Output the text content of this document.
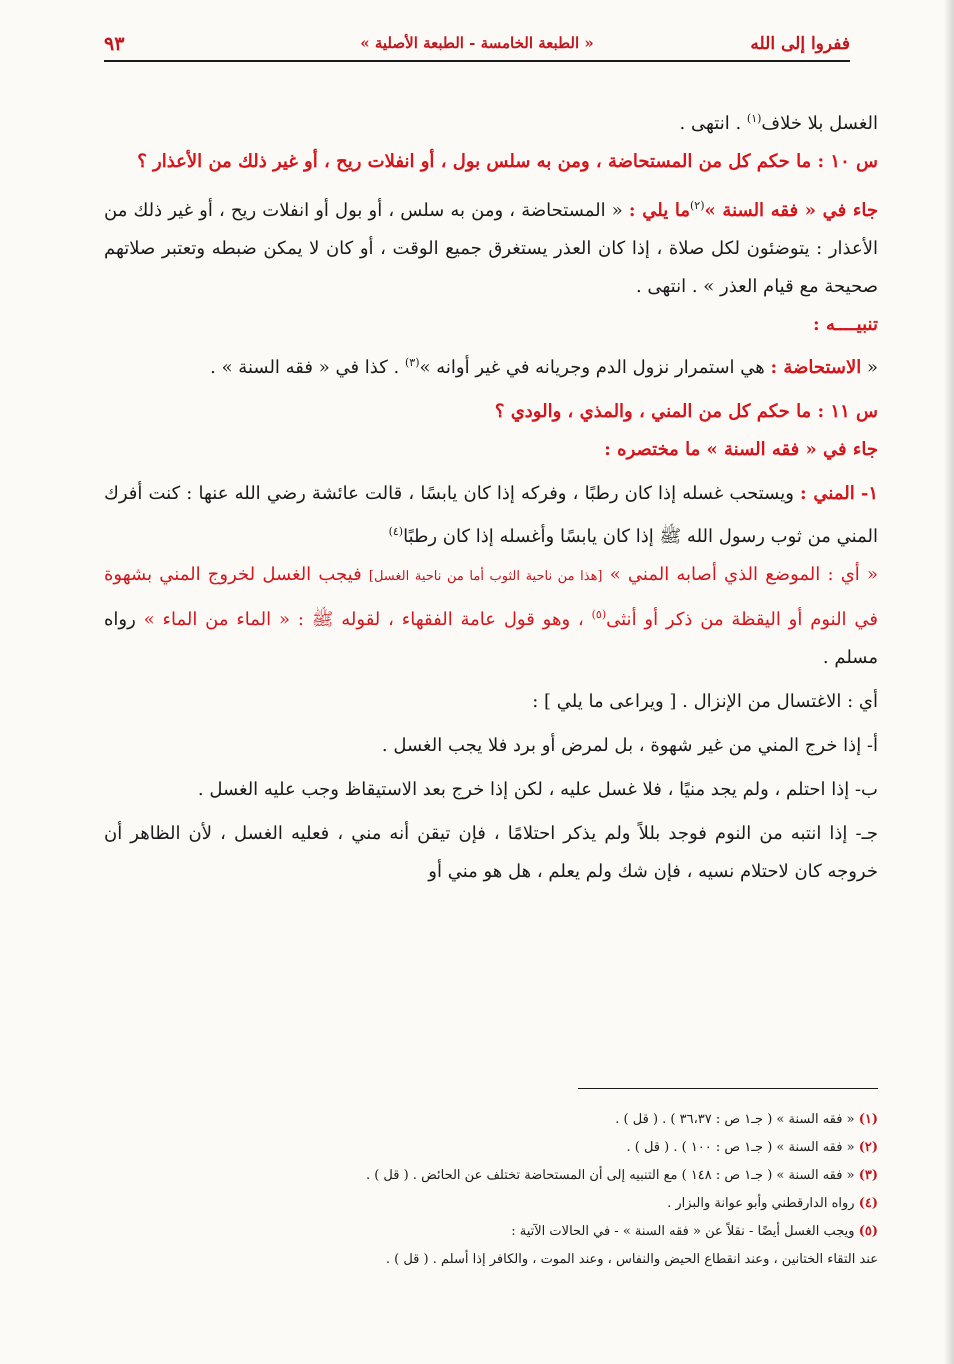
ففروا إلى الله
« الطبعة الخامسة - الطبعة الأصلية »
٩٣

الغسل بلا خلاف$^{(١)}$ . انتهى .

س ١٠ : ما حكم كل من المستحاضة ، ومن به سلس بول ، أو انفلات ريح ، أو غير ذلك من الأعذار ؟

جاء في « فقه السنة »$^{(٢)}$ما يلي : « المستحاضة ، ومن به سلس ، أو بول أو انفلات ريح ، أو غير ذلك من الأعذار : يتوضئون لكل صلاة ، إذا كان العذر يستغرق جميع الوقت ، أو كان لا يمكن ضبطه وتعتبر صلاتهم صحيحة مع قيام العذر » . انتهى .

تنبيــــه :

« الاستحاضة : هي استمرار نزول الدم وجريانه في غير أوانه »$^{(٣)}$ . كذا في « فقه السنة » .

س ١١ : ما حكم كل من المني ، والمذي ، والودي ؟

جاء في « فقه السنة » ما مختصره :

١- المني : ويستحب غسله إذا كان رطبًا ، وفركه إذا كان يابسًا ، قالت عائشة رضي الله عنها : كنت أفرك المني من ثوب رسول الله ﷺ إذا كان يابسًا وأغسله إذا كان رطبًا$^{(٤)}$

« أي : الموضع الذي أصابه المني » [هذا من ناحية الثوب أما من ناحية الغسل] فيجب الغسل لخروج المني بشهوة في النوم أو اليقظة من ذكر أو أنثى$^{(٥)}$ ، وهو قول عامة الفقهاء ، لقوله ﷺ : « الماء من الماء » رواه مسلم .

أي : الاغتسال من الإنزال . [ ويراعى ما يلي ] :

أ- إذا خرج المني من غير شهوة ، بل لمرض أو برد فلا يجب الغسل .

ب- إذا احتلم ، ولم يجد منيًا ، فلا غسل عليه ، لكن إذا خرج بعد الاستيقاظ وجب عليه الغسل .

جـ- إذا انتبه من النوم فوجد بللاً ولم يذكر احتلامًا ، فإن تيقن أنه مني ، فعليه الغسل ، لأن الظاهر أن خروجه كان لاحتلام نسيه ، فإن شك ولم يعلم ، هل هو مني أو

(١) « فقه السنة » ( جـ١ ص : ٣٦،٣٧ ) . ( قل ) .

(٢) « فقه السنة » ( جـ١ ص : ١٠٠ ) . ( قل ) .

(٣) « فقه السنة » ( جـ١ ص : ١٤٨ ) مع التنبيه إلى أن المستحاضة تختلف عن الحائض . ( قل ) .

(٤) رواه الدارقطني وأبو عوانة والبزار .

(٥) ويجب الغسل أيضًا - نقلاً عن « فقه السنة » - في الحالات الآتية :

عند التقاء الختانين ، وعند انقطاع الحيض والنفاس ، وعند الموت ، والكافر إذا أسلم . ( قل ) .
